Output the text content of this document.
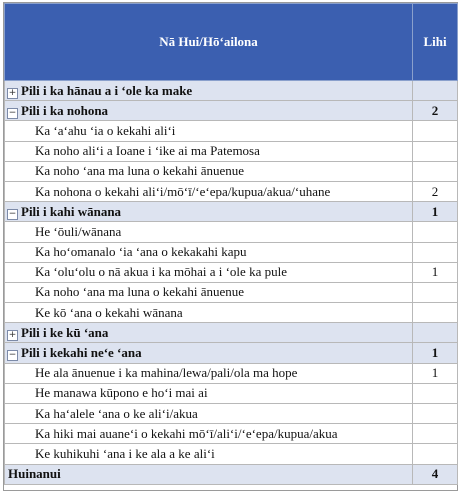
Nā Hui/Hōʻailona	Lihi
+ Pili i ka hānau a i ʻole ka make	
− Pili i ka nohona	2
Ka ʻaʻahu ʻia o kekahi aliʻi	
Ka noho aliʻi a Ioane i ʻike ai ma Patemosa	
Ka noho ʻana ma luna o kekahi ānuenue	
Ka nohona o kekahi aliʻi/mōʻī/ʻeʻepa/kupua/akua/ʻuhane	2
− Pili i kahi wānana	1
He ʻōuli/wānana	
Ka hoʻomanalo ʻia ʻana o kekakahi kapu	
Ka ʻoluʻolu o nā akua i ka mōhai a i ʻole ka pule	1
Ka noho ʻana ma luna o kekahi ānuenue	
Ke kō ʻana o kekahi wānana	
+ Pili i ke kū ʻana	
− Pili i kekahi neʻe ʻana	1
He ala ānuenue i ka mahina/lewa/pali/ola ma hope	1
He manawa kūpono e hoʻi mai ai	
Ka haʻalele ʻana o ke aliʻi/akua	
Ka hiki mai auaneʻi o kekahi mōʻī/aliʻi/ʻeʻepa/kupua/akua	
Ke kuhikuhi ʻana i ke ala a ke aliʻi	
Huinanui	4
